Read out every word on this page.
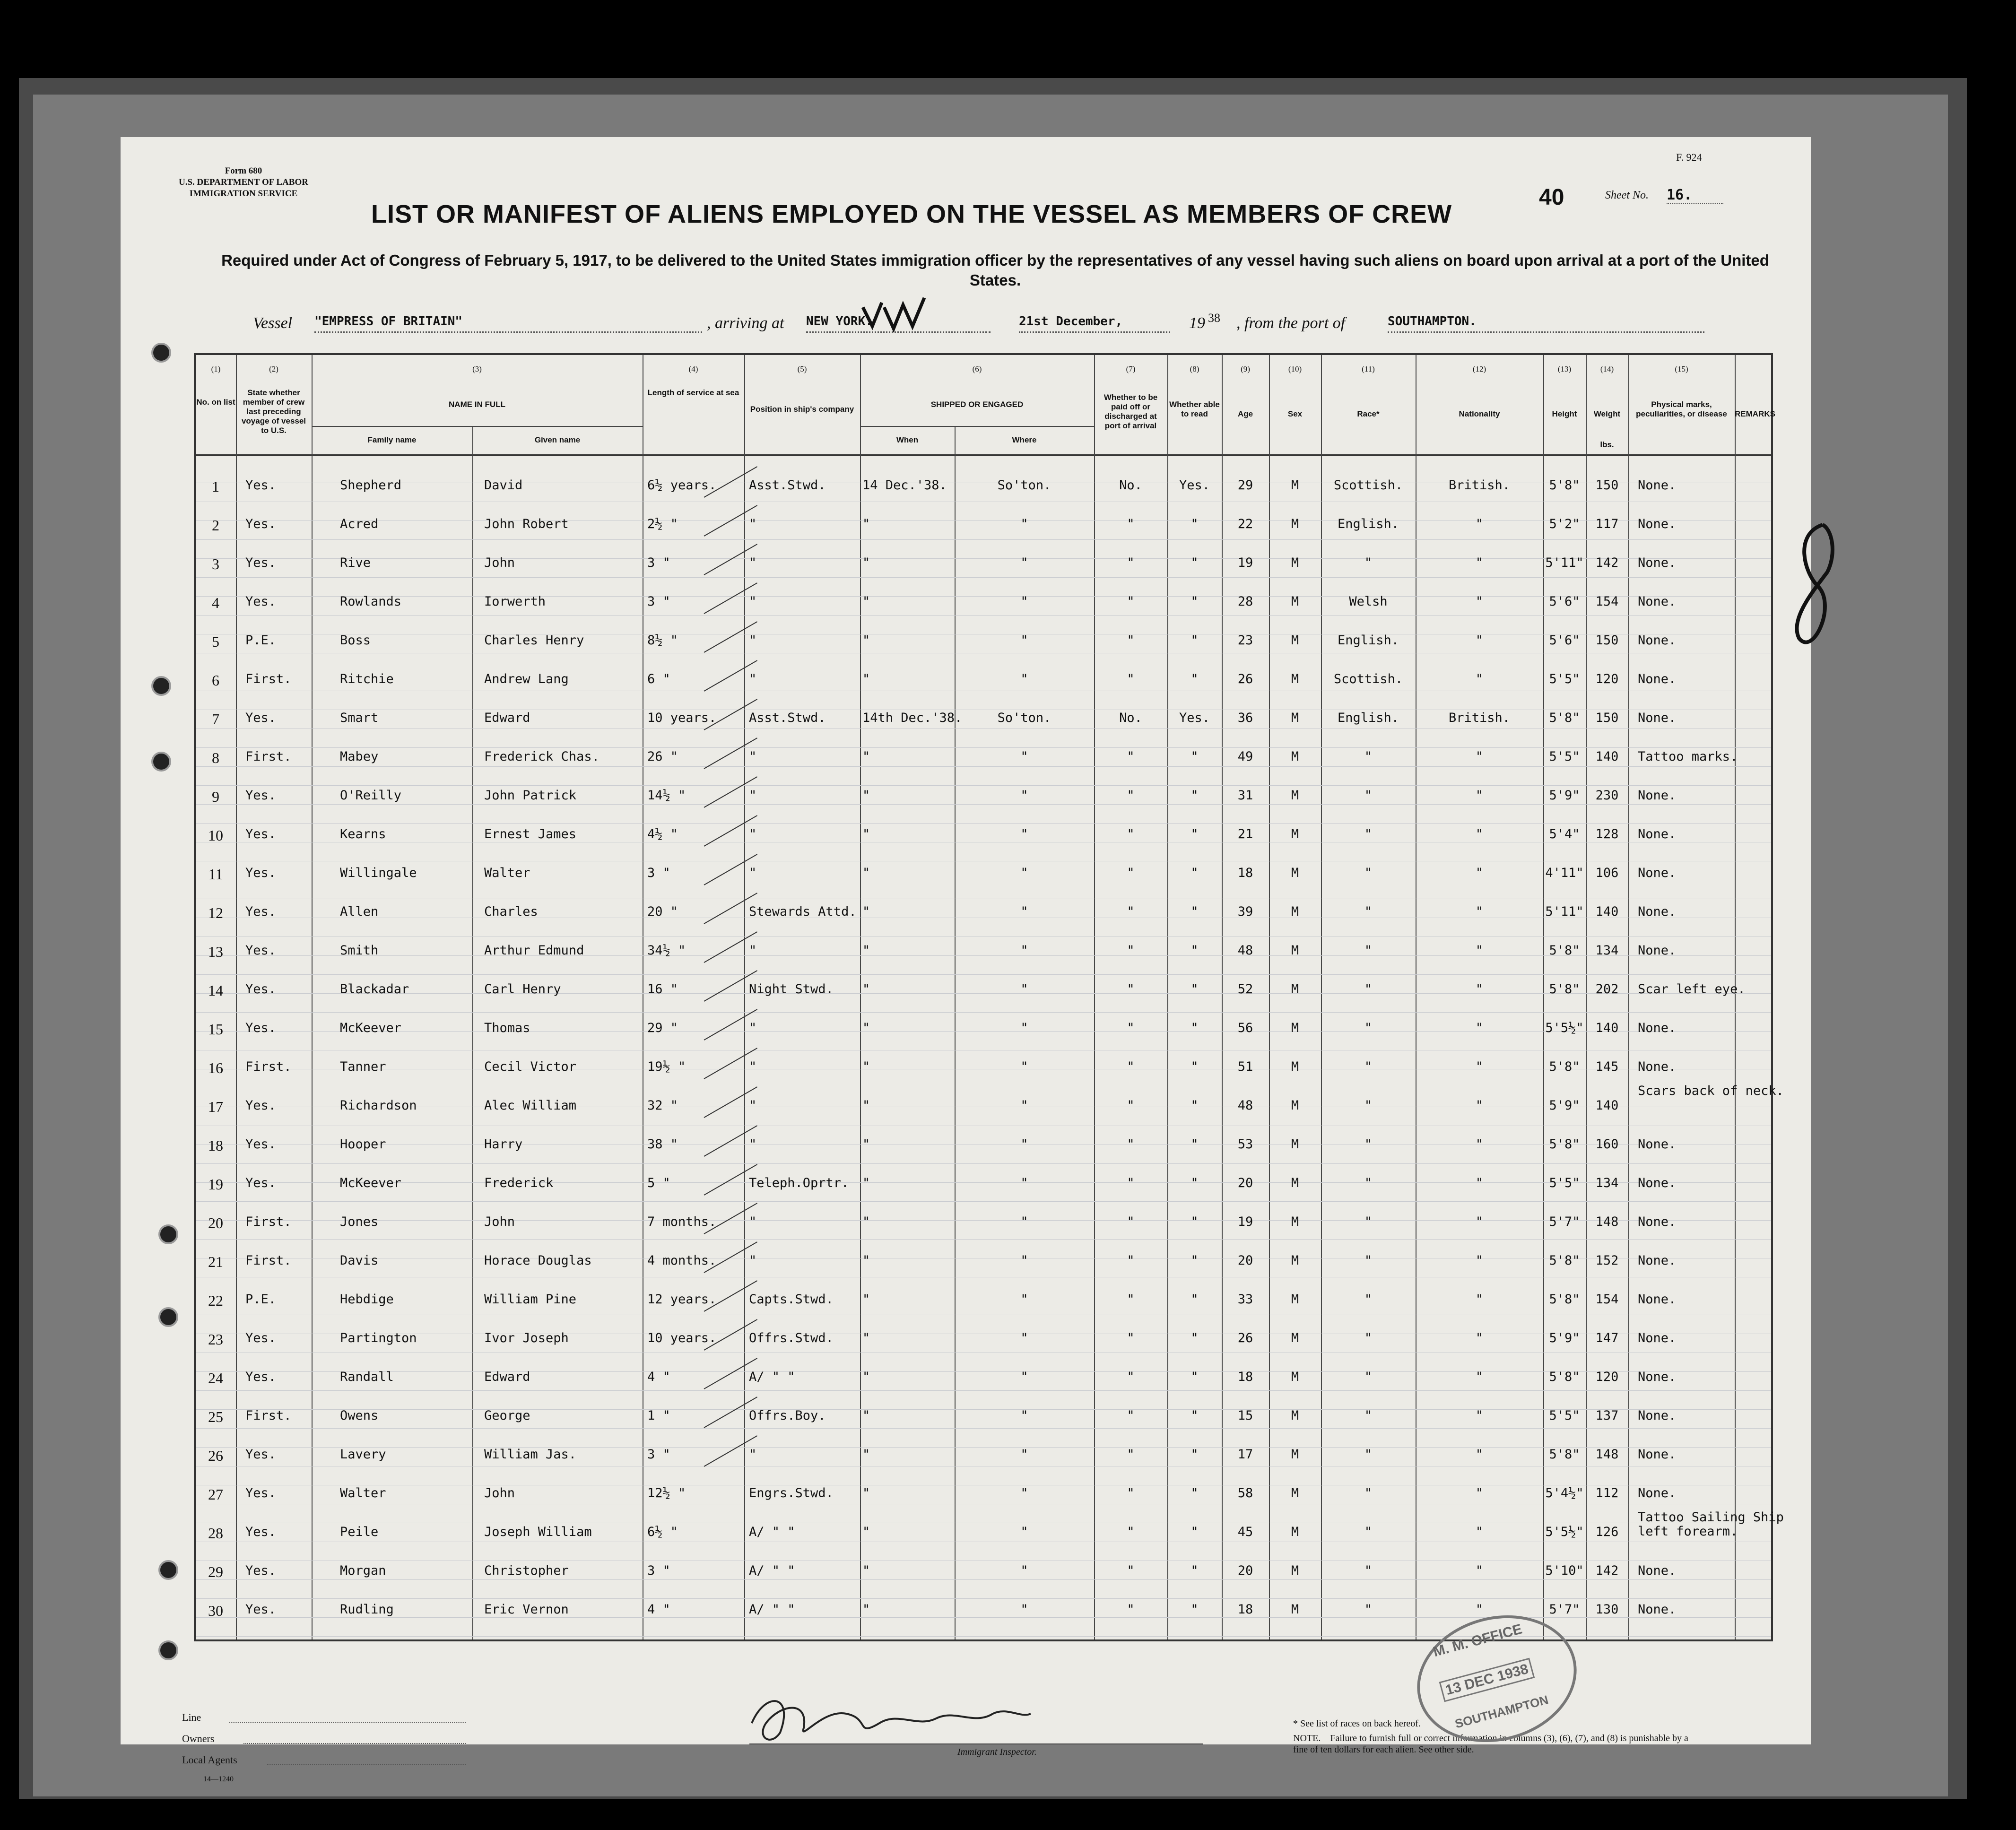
Form 680
U.S. DEPARTMENT OF LABOR
IMMIGRATION SERVICE
F. 924
40	Sheet No. 16.
LIST OR MANIFEST OF ALIENS EMPLOYED ON THE VESSEL AS MEMBERS OF CREW
Required under Act of Congress of February 5, 1917, to be delivered to the United States immigration officer by the representatives of any vessel having such aliens on board upon arrival at a port of the United States.
Vessel "EMPRESS OF BRITAIN"	, arriving at NEW YORK.	21st December,	19 38 , from the port of	SOUTHAMPTON.
(1)	(2)	(3)	(4)	(5)	(6)	(7)	(8)	(9)	(10)	(11)	(12)	(13)	(14)	(15)
No. on list
State whether member of crew last preceding voyage of vessel to U.S.
NAME IN FULL
Family name	Given name
Length of service at sea
Position in ship's company
SHIPPED OR ENGAGED
When	Where
Whether to be paid off or discharged at port of arrival
Whether able to read	Age	Sex	Race*	Nationality	Height	Weight
lbs.
Physical marks, peculiarities, or disease REMARKS
1	Yes.	Shepherd	David	6½ years.	Asst.Stwd.	14 Dec.'38.	So'ton.	No.	Yes.	29	M	Scottish.	British.	5'8"	150	None.
2	Yes.	Acred	John Robert	2½ "	"	"	"	"	"	22	M	English.	"	5'2"	117	None.
3	Yes.	Rive	John	3 "	"	"	"	"	"	19	M	"	"	5'11" 142	None.
4	Yes.	Rowlands	Iorwerth	3 "	"	"	"	"	"	28	M	Welsh	"	5'6"	154	None.
5	P.E.	Boss	Charles Henry	8½ "	"	"	"	"	"	23	M	English.	"	5'6"	150	None.
6	First.	Ritchie	Andrew Lang	6 "	"	"	"	"	"	26	M	Scottish.	"	5'5"	120	None.
7	Yes.	Smart	Edward	10 years.	Asst.Stwd.	14th Dec.'38.	So'ton.	No.	Yes.	36	M	English.	British.	5'8"	150	None.
8	First.	Mabey	Frederick Chas.	26 "	"	"	"	"	"	49	M	"	"	5'5"	140	Tattoo marks.
9	Yes.	O'Reilly	John Patrick	14½ "	"	"	"	"	"	31	M	"	"	5'9"	230	None.
10	Yes.	Kearns	Ernest James	4½ "	"	"	"	"	"	21	M	"	"	5'4"	128	None.
11	Yes.	Willingale	Walter	3 "	"	"	"	"	"	18	M	"	"	4'11" 106	None.
12	Yes.	Allen	Charles	20 "	Stewards Attd. "	"	"	"	39	M	"	"	5'11" 140	None.
13	Yes.	Smith	Arthur Edmund	34½ "	"	"	"	"	"	48	M	"	"	5'8"	134	None.
14	Yes.	Blackadar	Carl Henry	16 "	Night Stwd. "	"	"	"	52	M	"	"	5'8"	202	Scar left eye.
15	Yes.	McKeever	Thomas	29 "	"	"	"	"	"	56	M	"	"	5'5½" 140	None.
16	First.	Tanner	Cecil Victor	19½ "	"	"	"	"	"	51	M	"	"	5'8"	145	None.
17	Yes.	Richardson	Alec William	32 "	"	"	"	"	"	48	M	"	"	5'9"	140
Scars back of neck.
18	Yes.	Hooper	Harry	38 "	"	"	"	"	"	53	M	"	"	5'8"	160	None.
19	Yes.	McKeever	Frederick	5 "	Teleph.Oprtr. "	"	"	"	20	M	"	"	5'5"	134	None.
20	First.	Jones	John	7 months.	"	"	"	"	"	19	M	"	"	5'7"	148	None.
21	First.	Davis	Horace Douglas	4 months.	"	"	"	"	"	20	M	"	"	5'8"	152	None.
22	P.E.	Hebdige	William Pine	12 years.	Capts.Stwd. "	"	"	"	33	M	"	"	5'8"	154	None.
23	Yes.	Partington	Ivor Joseph	10 years.	Offrs.Stwd. "	"	"	"	26	M	"	"	5'9"	147	None.
24	Yes.	Randall	Edward	4 "	A/ " "	"	"	"	"	18	M	"	"	5'8"	120	None.
25	First.	Owens	George	1 "	Offrs.Boy.	"	"	"	"	15	M	"	"	5'5"	137	None.
26	Yes.	Lavery	William Jas.	3 "	"	"	"	"	"	17	M	"	"	5'8"	148	None.
27	Yes.	Walter	John	12½ "	Engrs.Stwd. "	"	"	"	58	M	"	"	5'4½" 112	None.
28	Yes.	Peile	Joseph William	6½ "	A/ " "	"	"	"	"	45	M	"	"	5'5½" 126
Tattoo Sailing Ship left forearm.
29	Yes.	Morgan	Christopher	3 "	A/ " "	"	"	"	"	20	M	"	"	5'10" 142	None.
30	Yes.	Rudling	Eric Vernon	4 "	A/ " "	"	"	"	"	18	M	"	"	5'7"	130	None.
Line
Owners
Local Agents
14—1240
Immigrant Inspector.
* See list of races on back hereof.
NOTE.—Failure to furnish full or correct information in columns (3), (6), (7), and (8) is punishable by a fine of ten dollars for each alien. See other side.
M. M. OFFICE
13 DEC 1938
SOUTHAMPTON
